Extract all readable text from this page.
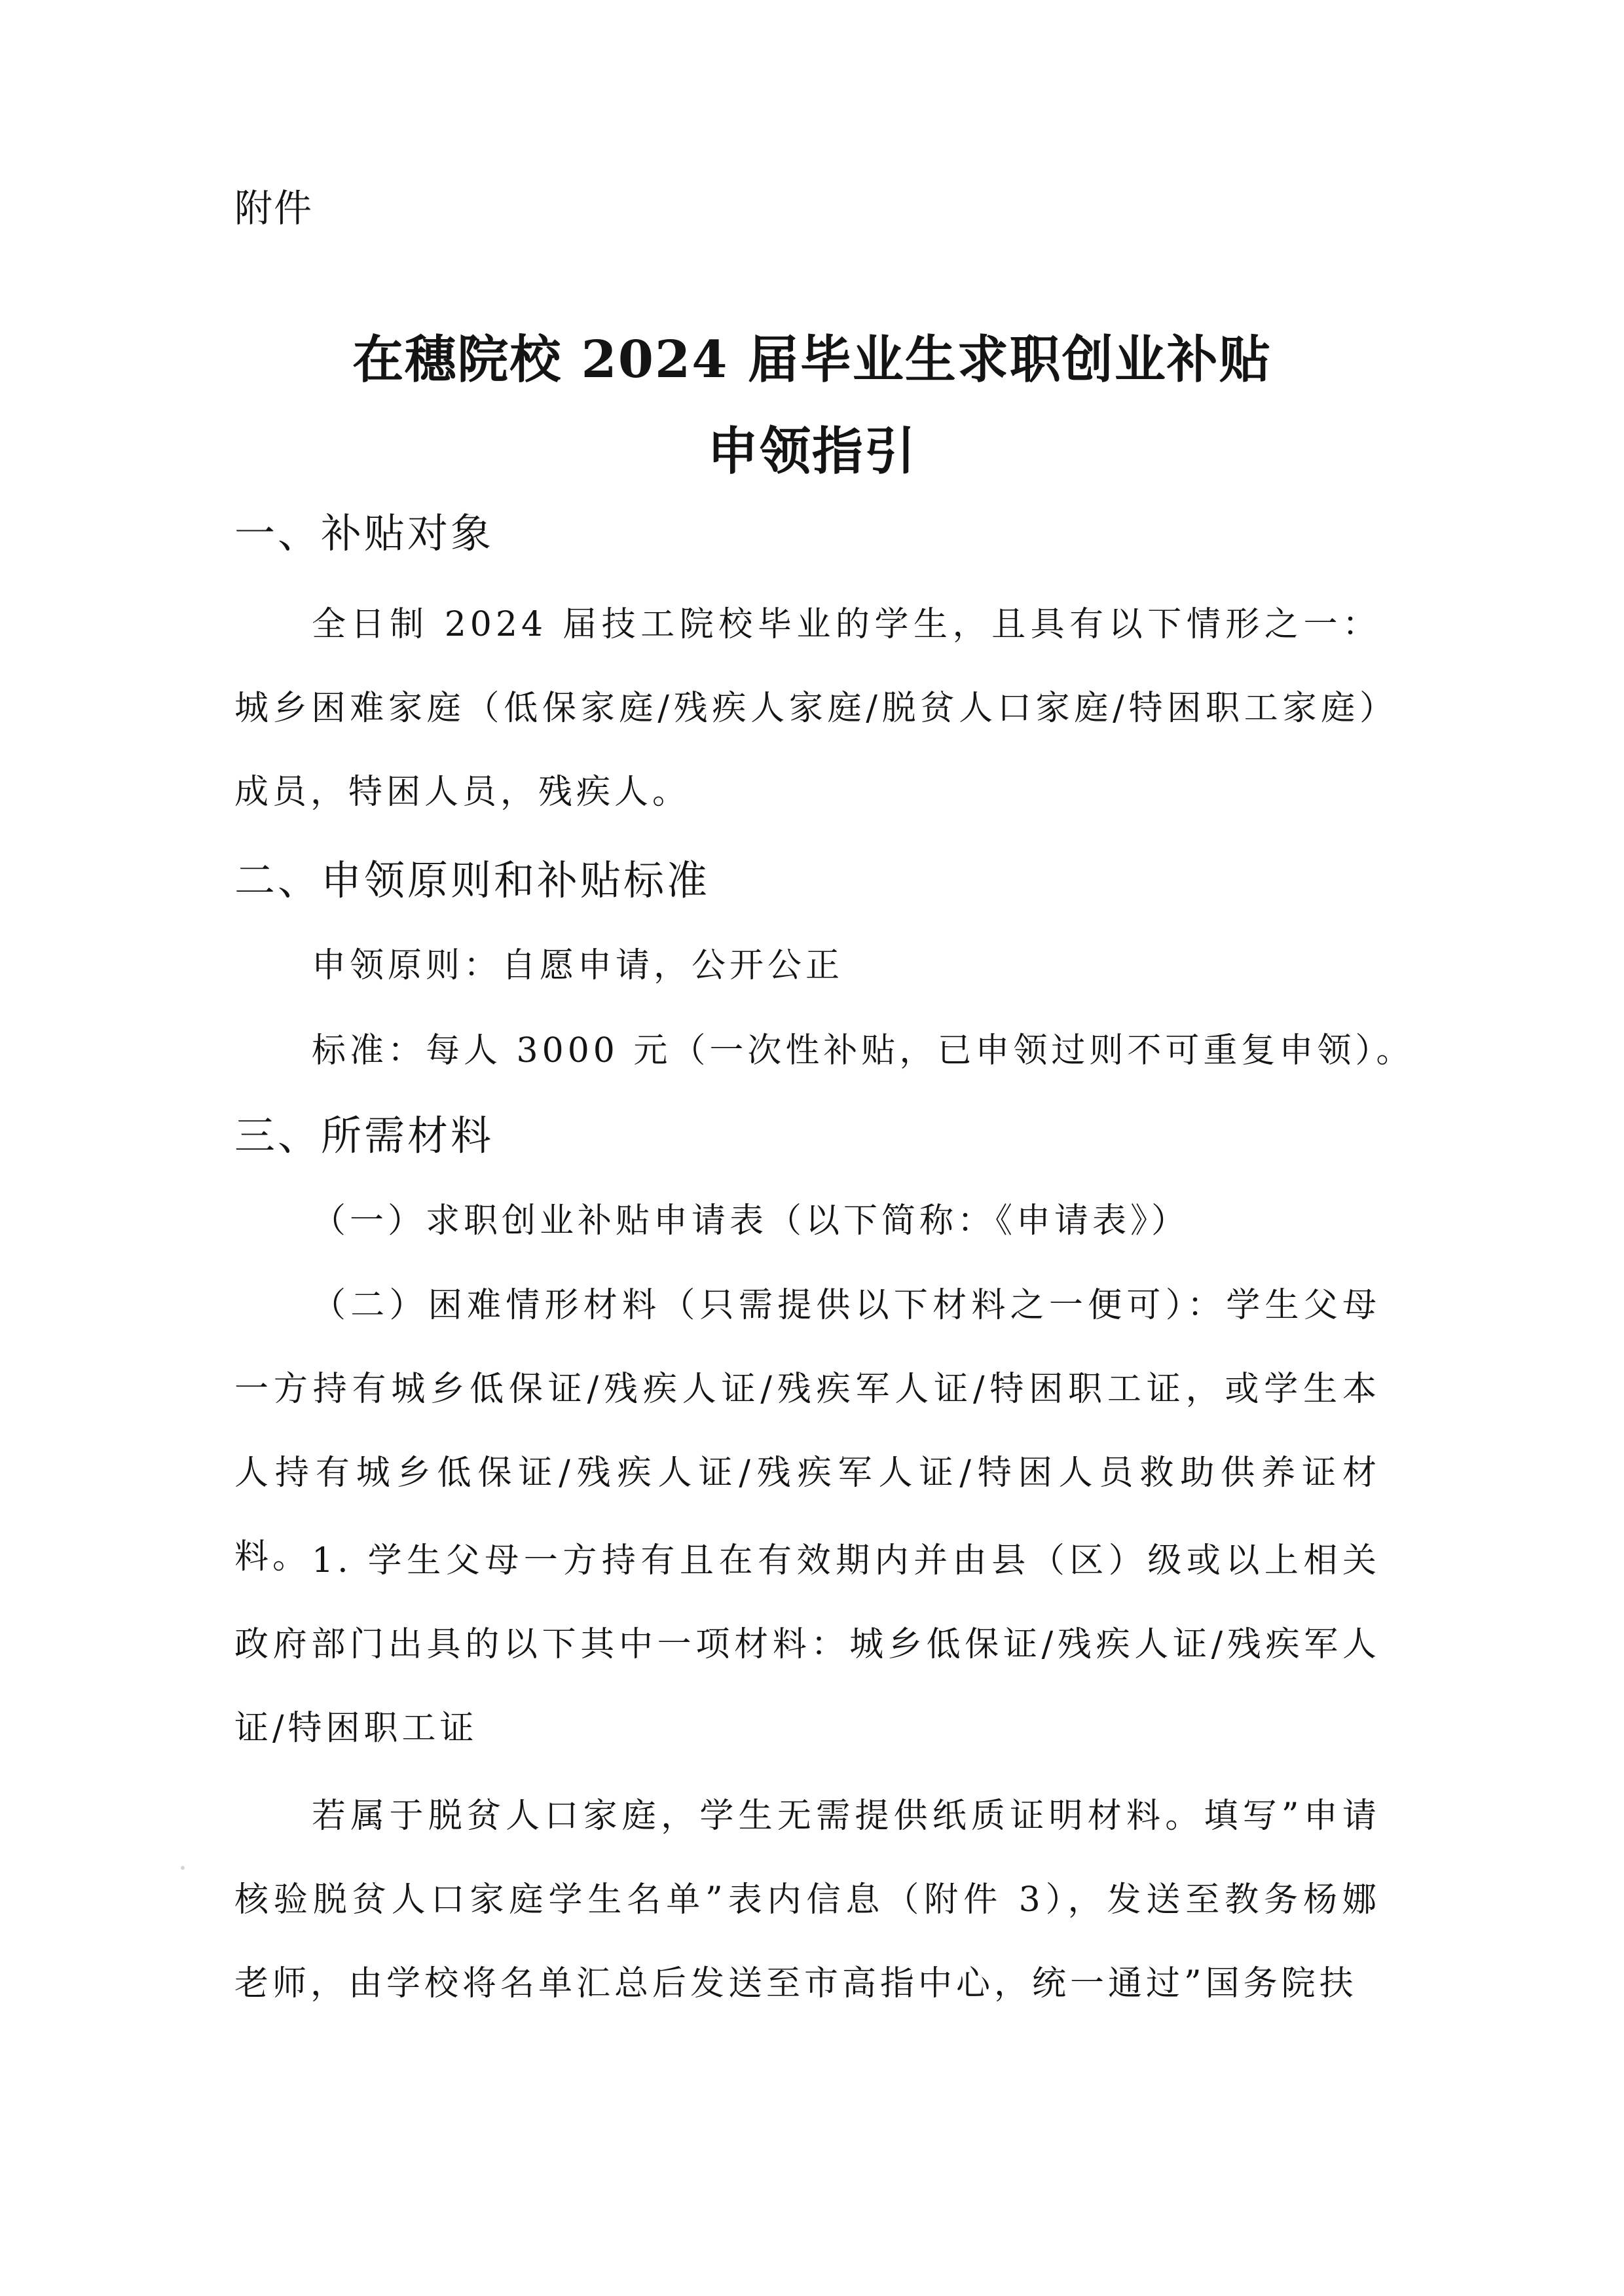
附件
在穗院校 2024 届毕业生求职创业补贴
申领指引
一、补贴对象

全日制 2024 届技工院校毕业的学生，且具有以下情形之一：城乡困难家庭（低保家庭/残疾人家庭/脱贫人口家庭/特困职工家庭）成员，特困人员，残疾人。

二、申领原则和补贴标准
申领原则：自愿申请，公开公正
标准：每人 3000 元（一次性补贴，已申领过则不可重复申领）。
三、所需材料
（一）求职创业补贴申请表（以下简称：《申请表》）

（二）困难情形材料（只需提供以下材料之一便可）：学生父母一方持有城乡低保证/残疾人证/残疾军人证/特困职工证，或学生本人持有城乡低保证/残疾人证/残疾军人证/特困人员救助供养证材料。 1. 学生父母一方持有且在有效期内并由县（区）级或以上相关政府部门出具的以下其中一项材料：城乡低保证/残疾人证/残疾军人证/特困职工证

若属于脱贫人口家庭，学生无需提供纸质证明材料。填写”申请核验脱贫人口家庭学生名单”表内信息（附件 3），发送至教务杨娜老师，由学校将名单汇总后发送至市高指中心，统一通过”国务院扶
